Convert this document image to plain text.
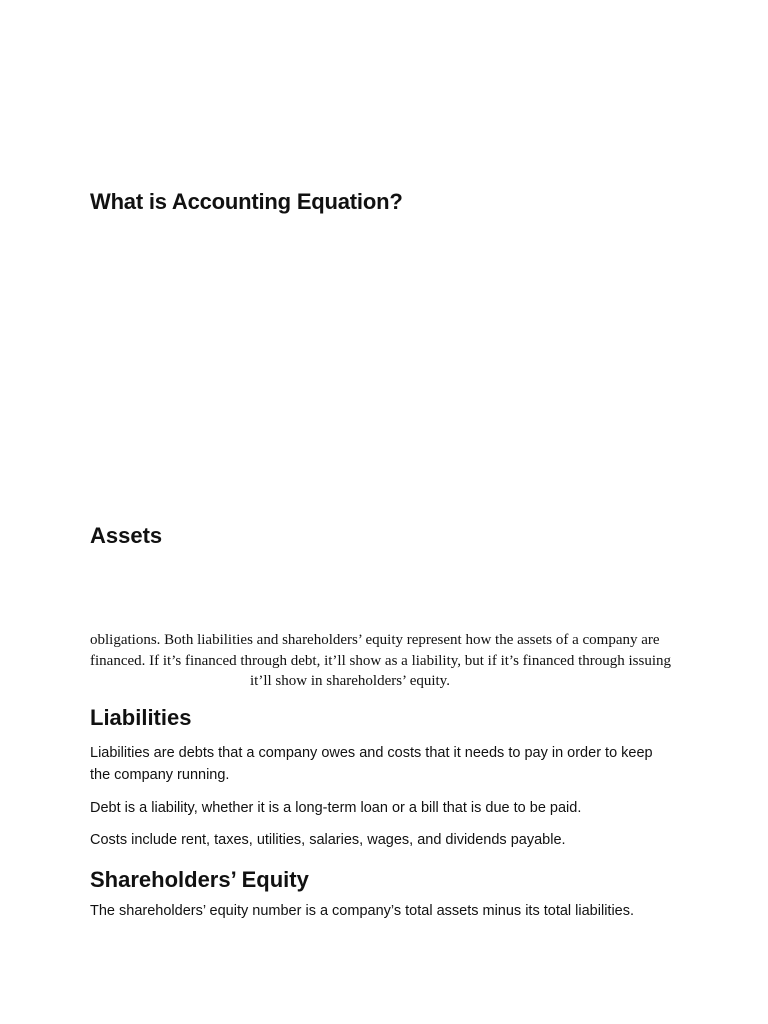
What is Accounting Equation?
Assets
obligations. Both liabilities and shareholders’ equity represent how the assets of a company are
financed. If it’s financed through debt, it’ll show as a liability, but if it’s financed through issuing
it’ll show in shareholders’ equity.
Liabilities

Liabilities are debts that a company owes and costs that it needs to pay in order to keep the company running.

Debt is a liability, whether it is a long-term loan or a bill that is due to be paid.

Costs include rent, taxes, utilities, salaries, wages, and dividends payable.

Shareholders’ Equity

The shareholders’ equity number is a company’s total assets minus its total liabilities.
